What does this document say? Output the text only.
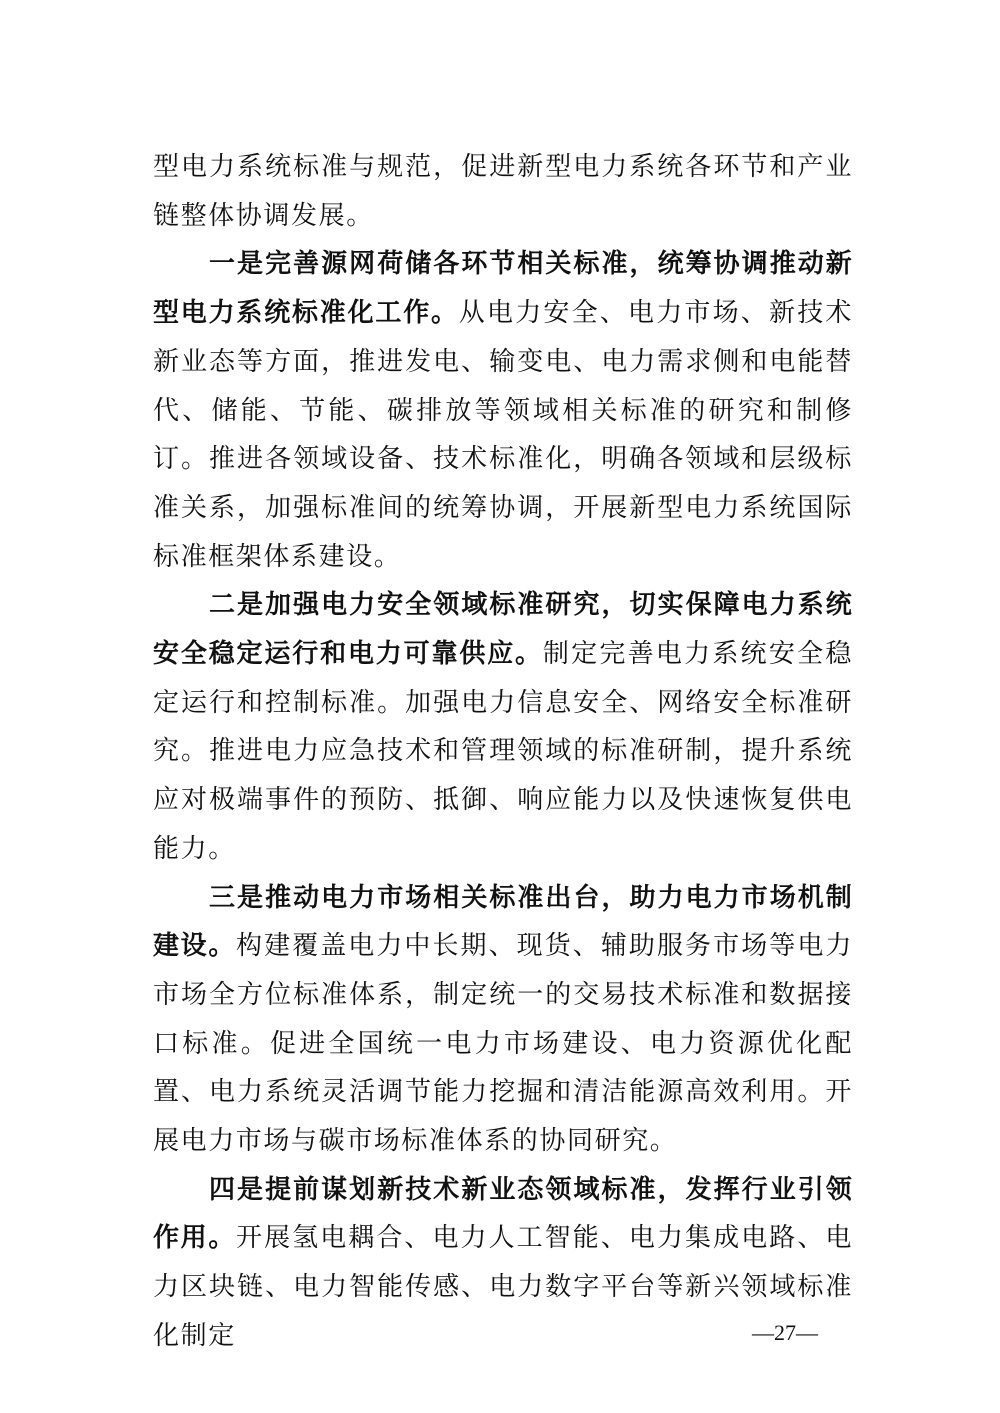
型电力系统标准与规范，促进新型电力系统各环节和产业链整体协调发展。

一是完善源网荷储各环节相关标准，统筹协调推动新型电力系统标准化工作。从电力安全、电力市场、新技术新业态等方面，推进发电、输变电、电力需求侧和电能替代、储能、节能、碳排放等领域相关标准的研究和制修订。推进各领域设备、技术标准化，明确各领域和层级标准关系，加强标准间的统筹协调，开展新型电力系统国际标准框架体系建设。

二是加强电力安全领域标准研究，切实保障电力系统安全稳定运行和电力可靠供应。制定完善电力系统安全稳定运行和控制标准。加强电力信息安全、网络安全标准研究。推进电力应急技术和管理领域的标准研制，提升系统应对极端事件的预防、抵御、响应能力以及快速恢复供电能力。

三是推动电力市场相关标准出台，助力电力市场机制建设。构建覆盖电力中长期、现货、辅助服务市场等电力市场全方位标准体系，制定统一的交易技术标准和数据接口标准。促进全国统一电力市场建设、电力资源优化配置、电力系统灵活调节能力挖掘和清洁能源高效利用。开展电力市场与碳市场标准体系的协同研究。

四是提前谋划新技术新业态领域标准，发挥行业引领作用。开展氢电耦合、电力人工智能、电力集成电路、电力区块链、电力智能传感、电力数字平台等新兴领域标准化制定	—27—
